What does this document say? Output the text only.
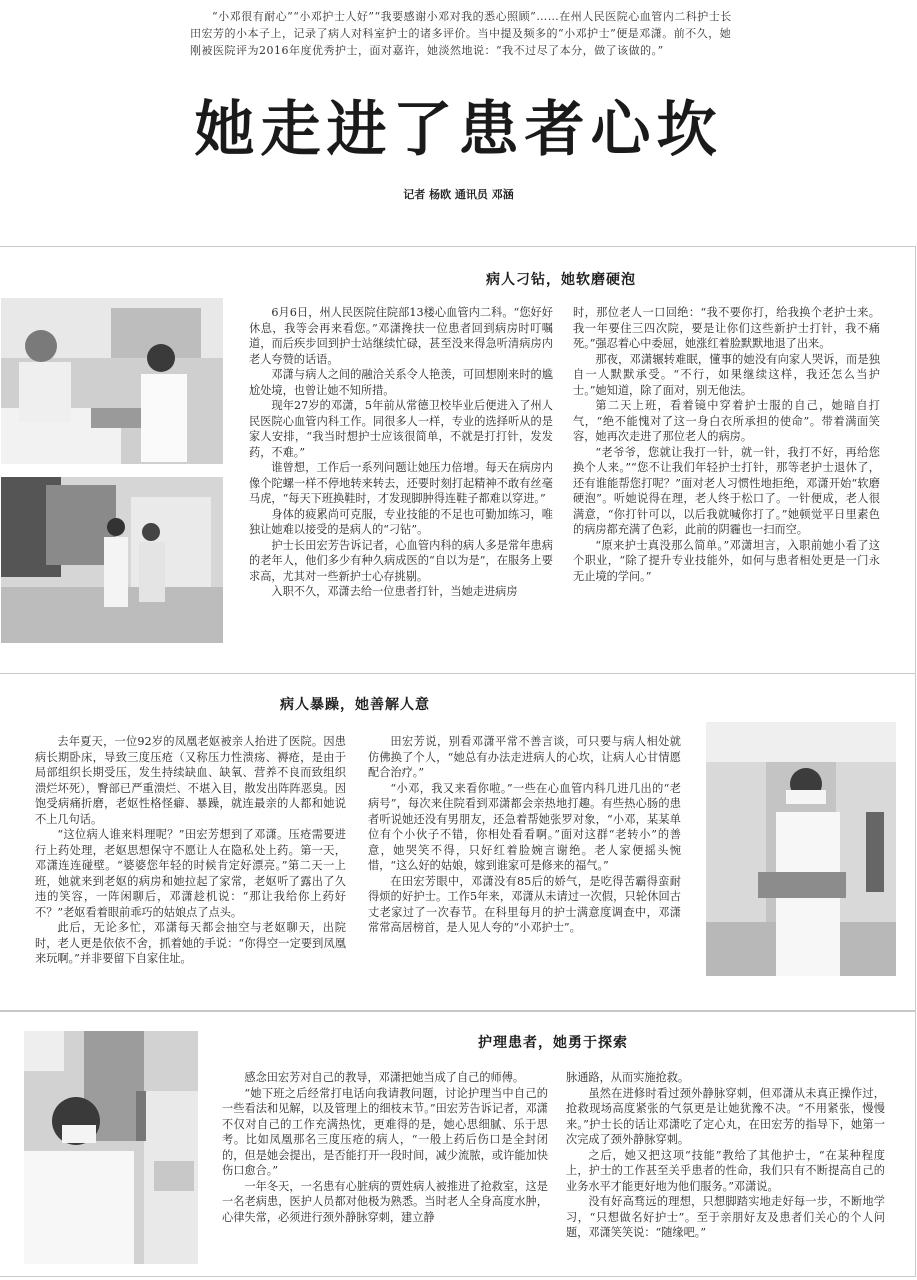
“小邓很有耐心”“小邓护士人好”“我要感谢小邓对我的悉心照顾”……在州人民医院心血管内二科护士长田宏芳的小本子上，记录了病人对科室护士的诸多评价。当中提及频多的“小邓护士”便是邓潇。前不久，她刚被医院评为2016年度优秀护士，面对嘉许，她淡然地说：“我不过尽了本分，做了该做的。”

她走进了患者心坎
记者 杨欧 通讯员 邓涵
病人刁钻，她软磨硬泡

6月6日，州人民医院住院部13楼心血管内二科。“您好好休息，我等会再来看您。”邓潇搀扶一位患者回到病房时叮嘱道，而后疾步回到护士站继续忙碌，甚至没来得急听清病房内老人夸赞的话语。

邓潇与病人之间的融洽关系令人艳羡，可回想刚来时的尴尬处境，也曾让她不知所措。

现年27岁的邓潇，5年前从常德卫校毕业后便进入了州人民医院心血管内科工作。同很多人一样，专业的选择听从的是家人安排，“我当时想护士应该很简单，不就是打打针，发发药，不难。”

谁曾想，工作后一系列问题让她压力倍增。每天在病房内像个陀螺一样不停地转来转去，还要时刻打起精神不敢有丝毫马虎，“每天下班换鞋时，才发现脚肿得连鞋子都难以穿进。”

身体的疲累尚可克服，专业技能的不足也可勤加练习，唯独让她难以接受的是病人的“刁钻”。

护士长田宏芳告诉记者，心血管内科的病人多是常年患病的老年人，他们多少有种久病成医的“自以为是”，在服务上要求高，尤其对一些新护士心存挑剔。

入职不久，邓潇去给一位患者打针，当她走进病房

时，那位老人一口回绝：“我不要你打，给我换个老护士来。我一年要住三四次院，要是让你们这些新护士打针，我不痛死。”强忍着心中委屈，她涨红着脸默默地退了出来。

那夜，邓潇辗转难眠，懂事的她没有向家人哭诉，而是独自一人默默承受。“不行，如果继续这样，我还怎么当护士。”她知道，除了面对，别无他法。

第二天上班，看着镜中穿着护士服的自己，她暗自打气，“绝不能愧对了这一身白衣所承担的使命”。带着满面笑容，她再次走进了那位老人的病房。

“老爷爷，您就让我打一针，就一针，我打不好，再给您换个人来。”“您不让我们年轻护士打针，那等老护士退休了，还有谁能帮您打呢？”面对老人习惯性地拒绝，邓潇开始“软磨硬泡”。听她说得在理，老人终于松口了。一针便成，老人很满意，“你打针可以，以后我就喊你打了。”她顿觉平日里素色的病房都充满了色彩，此前的阴霾也一扫而空。

“原来护士真没那么简单。”邓潇坦言，入职前她小看了这个职业，“除了提升专业技能外，如何与患者相处更是一门永无止境的学问。”

病人暴躁，她善解人意

去年夏天，一位92岁的凤凰老妪被亲人抬进了医院。因患病长期卧床，导致三度压疮（又称压力性溃疡、褥疮，是由于局部组织长期受压，发生持续缺血、缺氧、营养不良而致组织溃烂坏死），臀部已严重溃烂、不堪入目，散发出阵阵恶臭。因饱受病痛折磨，老妪性格怪癖、暴躁，就连最亲的人都和她说不上几句话。

“这位病人谁来料理呢？”田宏芳想到了邓潇。压疮需要进行上药处理，老妪思想保守不愿让人在隐私处上药。第一天，邓潇连连碰壁。“婆婆您年轻的时候肯定好漂亮。”第二天一上班，她就来到老妪的病房和她拉起了家常，老妪听了露出了久违的笑容，一阵闲聊后，邓潇趁机说：“那让我给你上药好不？”老妪看着眼前乖巧的姑娘点了点头。

此后，无论多忙，邓潇每天都会抽空与老妪聊天，出院时，老人更是依依不舍，抓着她的手说：“你得空一定要到凤凰来玩啊。”并非要留下自家住址。

田宏芳说，别看邓潇平常不善言谈，可只要与病人相处就仿佛换了个人，“她总有办法走进病人的心坎，让病人心甘情愿配合治疗。”

“小邓，我又来看你啦。”一些在心血管内科几进几出的“老病号”，每次来住院看到邓潇都会亲热地打趣。有些热心肠的患者听说她还没有男朋友，还急着帮她张罗对象，“小邓，某某单位有个小伙子不错，你相处看看啊。”面对这群“老转小”的善意，她哭笑不得，只好红着脸婉言谢绝。老人家便摇头惋惜，“这么好的姑娘，嫁到谁家可是修来的福气。”

在田宏芳眼中，邓潇没有85后的娇气，是吃得苦霸得蛮耐得烦的好护士。工作5年来，邓潇从未请过一次假，只轮休回古丈老家过了一次春节。在科里每月的护士满意度调查中，邓潇常常高居榜首，是人见人夸的“小邓护士”。

护理患者，她勇于探索

感念田宏芳对自己的教导，邓潇把她当成了自己的师傅。

“她下班之后经常打电话向我请教问题，讨论护理当中自己的一些看法和见解，以及管理上的细枝末节。”田宏芳告诉记者，邓潇不仅对自己的工作充满热忱，更难得的是，她心思细腻、乐于思考。比如凤凰那名三度压疮的病人，“一般上药后伤口是全封闭的，但是她会提出，是否能打开一段时间，减少流脓，或许能加快伤口愈合。”

一年冬天，一名患有心脏病的贾姓病人被推进了抢救室，这是一名老病患，医护人员都对他极为熟悉。当时老人全身高度水肿，心律失常，必须进行颈外静脉穿刺，建立静

脉通路，从而实施抢救。

虽然在进修时看过颈外静脉穿刺，但邓潇从未真正操作过，抢救现场高度紧张的气氛更是让她犹豫不决。“不用紧张，慢慢来。”护士长的话让邓潇吃了定心丸，在田宏芳的指导下，她第一次完成了颈外静脉穿刺。

之后，她又把这项“技能”教给了其他护士，“在某种程度上，护士的工作甚至关乎患者的性命，我们只有不断提高自己的业务水平才能更好地为他们服务。”邓潇说。

没有好高骛远的理想，只想脚踏实地走好每一步，不断地学习，“只想做名好护士”。至于亲朋好友及患者们关心的个人问题，邓潇笑笑说：“随缘吧。”
